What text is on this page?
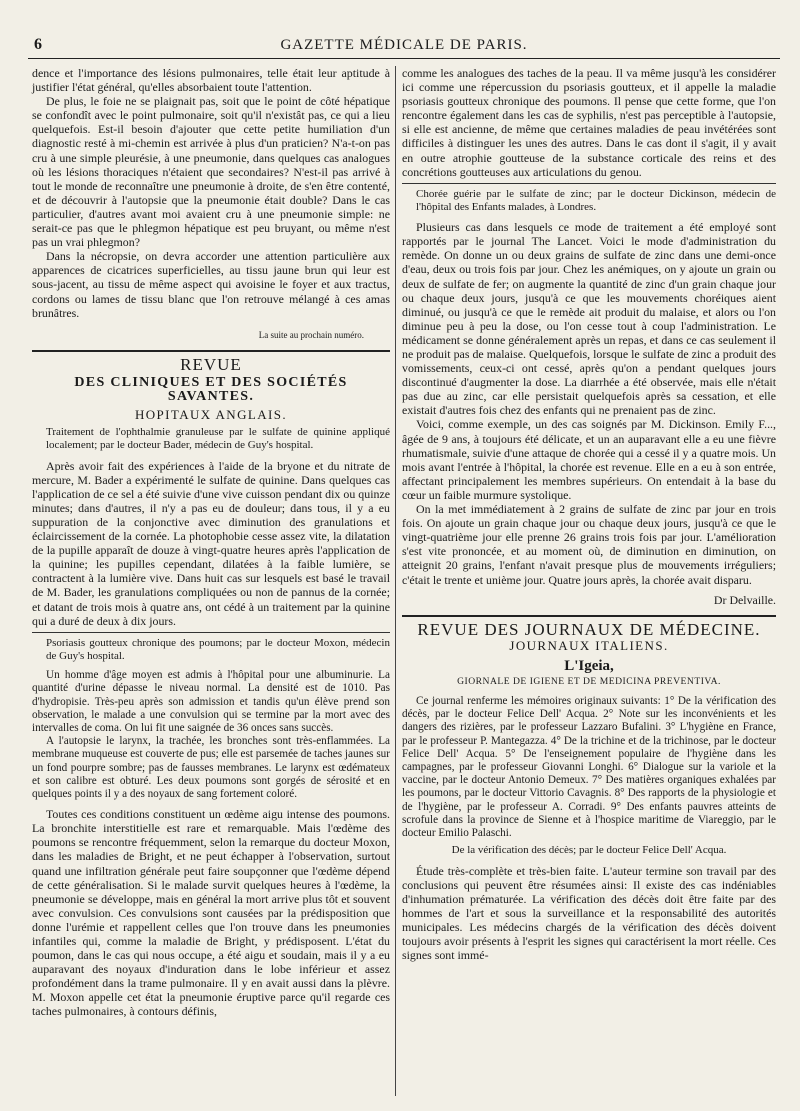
6	GAZETTE MÉDICALE DE PARIS.

dence et l'importance des lésions pulmonaires, telle était leur aptitude à justifier l'état général, qu'elles absorbaient toute l'attention.

De plus, le foie ne se plaignait pas, soit que le point de côté hépatique se confondît avec le point pulmonaire, soit qu'il n'existât pas, ce qui a lieu quelquefois. Est-il besoin d'ajouter que cette petite humiliation d'un diagnostic resté à mi-chemin est arrivée à plus d'un praticien? N'a-t-on pas cru à une simple pleurésie, à une pneumonie, dans quelques cas analogues où les lésions thoraciques n'étaient que secondaires? N'est-il pas arrivé à tout le monde de reconnaître une pneumonie à droite, de s'en être contenté, et de découvrir à l'autopsie que la pneumonie était double? Dans le cas particulier, d'autres avant moi avaient cru à une pneumonie simple: ne serait-ce pas que le phlegmon hépatique est peu bruyant, ou même n'est pas un vrai phlegmon?

Dans la nécropsie, on devra accorder une attention particulière aux apparences de cicatrices superficielles, au tissu jaune brun qui leur est sous-jacent, au tissu de même aspect qui avoisine le foyer et aux tractus, cordons ou lames de tissu blanc que l'on retrouve mélangé à ces amas brunâtres.

La suite au prochain numéro.
REVUE
DES CLINIQUES ET DES SOCIÉTÉS SAVANTES.
HOPITAUX ANGLAIS.

Traitement de l'ophthalmie granuleuse par le sulfate de quinine appliqué localement; par le docteur Bader, médecin de Guy's hospital.

Après avoir fait des expériences à l'aide de la bryone et du nitrate de mercure, M. Bader a expérimenté le sulfate de quinine. Dans quelques cas l'application de ce sel a été suivie d'une vive cuisson pendant dix ou quinze minutes; dans d'autres, il n'y a pas eu de douleur; dans tous, il y a eu suppuration de la conjonctive avec diminution des granulations et éclaircissement de la cornée. La photophobie cesse assez vite, la dilatation de la pupille apparaît de douze à vingt-quatre heures après l'application de la quinine; les pupilles cependant, dilatées à la faible lumière, se contractent à la lumière vive. Dans huit cas sur lesquels est basé le travail de M. Bader, les granulations compliquées ou non de pannus de la cornée; et datant de trois mois à quatre ans, ont cédé à un traitement par la quinine qui a duré de deux à dix jours.

Psoriasis goutteux chronique des poumons; par le docteur Moxon, médecin de Guy's hospital.

Un homme d'âge moyen est admis à l'hôpital pour une albuminurie. La quantité d'urine dépasse le niveau normal. La densité est de 1010. Pas d'hydropisie. Très-peu après son admission et tandis qu'un élève prend son observation, le malade a une convulsion qui se termine par la mort avec des intervalles de coma. On lui fit une saignée de 36 onces sans succès.

A l'autopsie le larynx, la trachée, les bronches sont très-enflammées. La membrane muqueuse est couverte de pus; elle est parsemée de taches jaunes sur un fond pourpre sombre; pas de fausses membranes. Le larynx est œdémateux et son calibre est obturé. Les deux poumons sont gorgés de sérosité et en quelques points il y a des noyaux de sang fortement coloré.

Toutes ces conditions constituent un œdème aigu intense des poumons. La bronchite interstitielle est rare et remarquable. Mais l'œdème des poumons se rencontre fréquemment, selon la remarque du docteur Moxon, dans les maladies de Bright, et ne peut échapper à l'observation, surtout quand une infiltration générale peut faire soupçonner que l'œdème dépend de cette généralisation. Si le malade survit quelques heures à l'œdème, la pneumonie se développe, mais en général la mort arrive plus tôt et souvent avec convulsion. Ces convulsions sont causées par la prédisposition que donne l'urémie et rappellent celles que l'on trouve dans les pneumonies infantiles qui, comme la maladie de Bright, y prédisposent. L'état du poumon, dans le cas qui nous occupe, a été aigu et soudain, mais il y a eu auparavant des noyaux d'induration dans le lobe inférieur et assez profondément dans la trame pulmonaire. Il y en avait aussi dans la plèvre. M. Moxon appelle cet état la pneumonie éruptive parce qu'il regarde ces taches pulmonaires, à contours définis,

comme les analogues des taches de la peau. Il va même jusqu'à les considérer ici comme une répercussion du psoriasis goutteux, et il appelle la maladie psoriasis goutteux chronique des poumons. Il pense que cette forme, que l'on rencontre également dans les cas de syphilis, n'est pas perceptible à l'autopsie, si elle est ancienne, de même que certaines maladies de peau invétérées sont difficiles à distinguer les unes des autres. Dans le cas dont il s'agit, il y avait en outre atrophie goutteuse de la substance corticale des reins et des concrétions goutteuses aux articulations du genou.

Chorée guérie par le sulfate de zinc; par le docteur Dickinson, médecin de l'hôpital des Enfants malades, à Londres.

Plusieurs cas dans lesquels ce mode de traitement a été employé sont rapportés par le journal The Lancet. Voici le mode d'administration du remède. On donne un ou deux grains de sulfate de zinc dans une demi-once d'eau, deux ou trois fois par jour. Chez les anémiques, on y ajoute un grain ou deux de sulfate de fer; on augmente la quantité de zinc d'un grain chaque jour ou chaque deux jours, jusqu'à ce que les mouvements choréiques aient diminué, ou jusqu'à ce que le remède ait produit du malaise, et alors ou l'on diminue peu à peu la dose, ou l'on cesse tout à coup l'administration. Le médicament se donne généralement après un repas, et dans ce cas seulement il ne produit pas de malaise. Quelquefois, lorsque le sulfate de zinc a produit des vomissements, ceux-ci ont cessé, après qu'on a pendant quelques jours discontinué d'augmenter la dose. La diarrhée a été observée, mais elle n'était pas due au zinc, car elle persistait quelquefois après sa cessation, et elle existait d'autres fois chez des enfants qui ne prenaient pas de zinc.

Voici, comme exemple, un des cas soignés par M. Dickinson. Emily F..., âgée de 9 ans, à toujours été délicate, et un an auparavant elle a eu une fièvre rhumatismale, suivie d'une attaque de chorée qui a cessé il y a quatre mois. Un mois avant l'entrée à l'hôpital, la chorée est revenue. Elle en a eu à son entrée, affectant principalement les membres supérieurs. On entendait à la base du cœur un faible murmure systolique.

On la met immédiatement à 2 grains de sulfate de zinc par jour en trois fois. On ajoute un grain chaque jour ou chaque deux jours, jusqu'à ce que le vingt-quatrième jour elle prenne 26 grains trois fois par jour. L'amélioration s'est vite prononcée, et au moment où, de diminution en diminution, on atteignit 20 grains, l'enfant n'avait presque plus de mouvements irréguliers; c'était le trente et unième jour. Quatre jours après, la chorée avait disparu.

Dr Delvaille.

REVUE DES JOURNAUX DE MÉDECINE.
JOURNAUX ITALIENS.

L'Igeia,

GIORNALE DE IGIENE ET DE MEDICINA PREVENTIVA.

Ce journal renferme les mémoires originaux suivants: 1° De la vérification des décès, par le docteur Felice Dell' Acqua. 2° Note sur les inconvénients et les dangers des rizières, par le professeur Lazzaro Bufalini. 3° L'hygiène en France, par le professeur P. Mantegazza. 4° De la trichine et de la trichinose, par le docteur Felice Dell' Acqua. 5° De l'enseignement populaire de l'hygiène dans les campagnes, par le professeur Giovanni Longhi. 6° Dialogue sur la variole et la vaccine, par le docteur Antonio Demeux. 7° Des matières organiques exhalées par les poumons, par le docteur Vittorio Cavagnis. 8° Des rapports de la physiologie et de l'hygiène, par le professeur A. Corradi. 9° Des enfants pauvres atteints de scrofule dans la province de Sienne et à l'hospice maritime de Viareggio, par le docteur Emilio Palaschi.

De la vérification des décès; par le docteur Felice Dell' Acqua.

Étude très-complète et très-bien faite. L'auteur termine son travail par des conclusions qui peuvent être résumées ainsi: Il existe des cas indéniables d'inhumation prématurée. La vérification des décès doit être faite par des hommes de l'art et sous la surveillance et la responsabilité des autorités municipales. Les médecins chargés de la vérification des décès doivent toujours avoir présents à l'esprit les signes qui caractérisent la mort réelle. Ces signes sont immé-
